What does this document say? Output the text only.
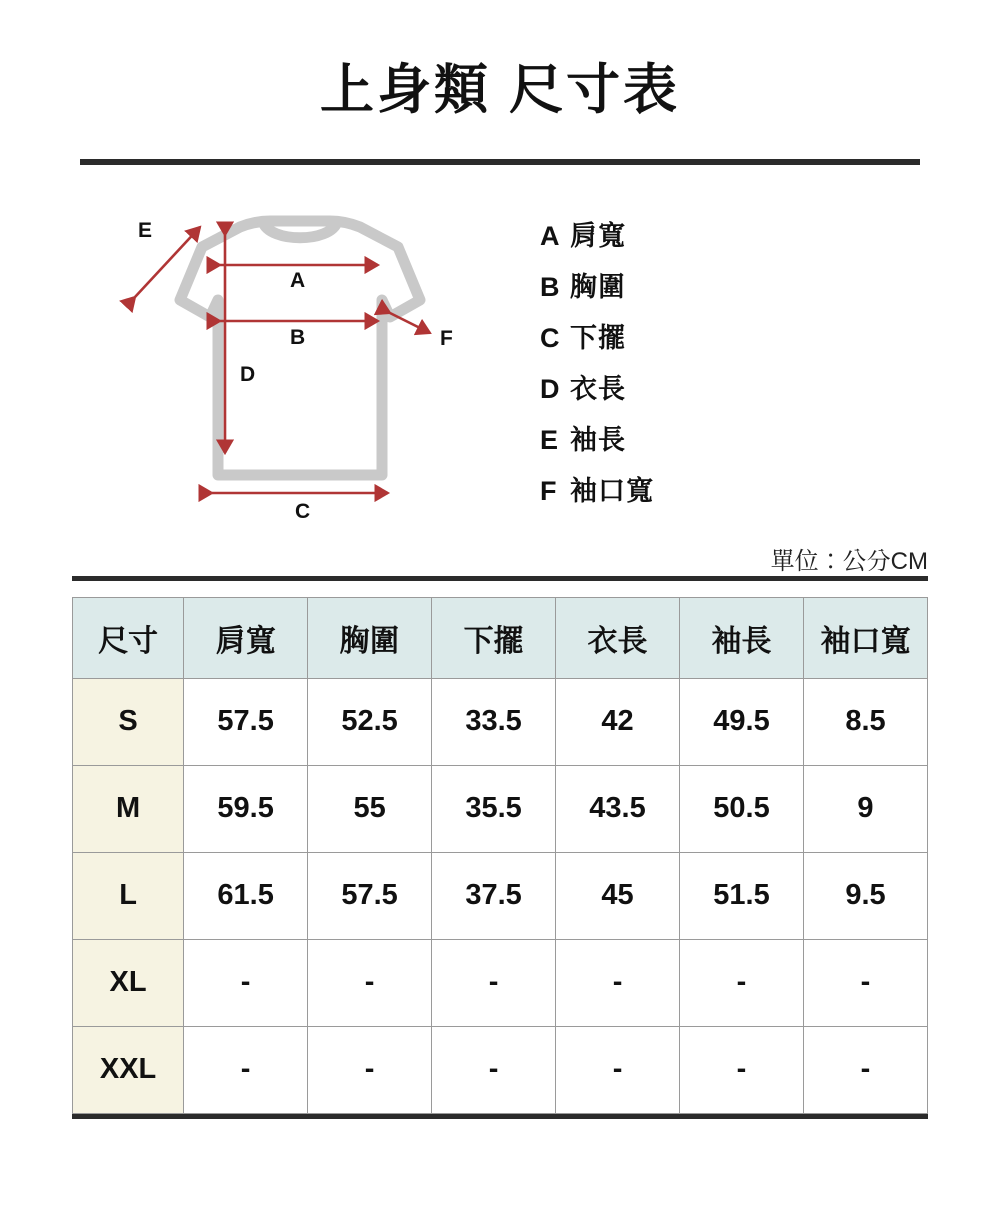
上身類 尺寸表
A
B
C
D
E
F
A 肩寬
B 胸圍
C 下擺
D 衣長
E 袖長
F 袖口寬
單位：公分CM
尺寸	肩寬	胸圍	下擺	衣長	袖長	袖口寬
S	57.5	52.5	33.5	42	49.5	8.5
M	59.5	55	35.5	43.5	50.5	9
L	61.5	57.5	37.5	45	51.5	9.5
XL	-	-	-	-	-	-
XXL	-	-	-	-	-	-
